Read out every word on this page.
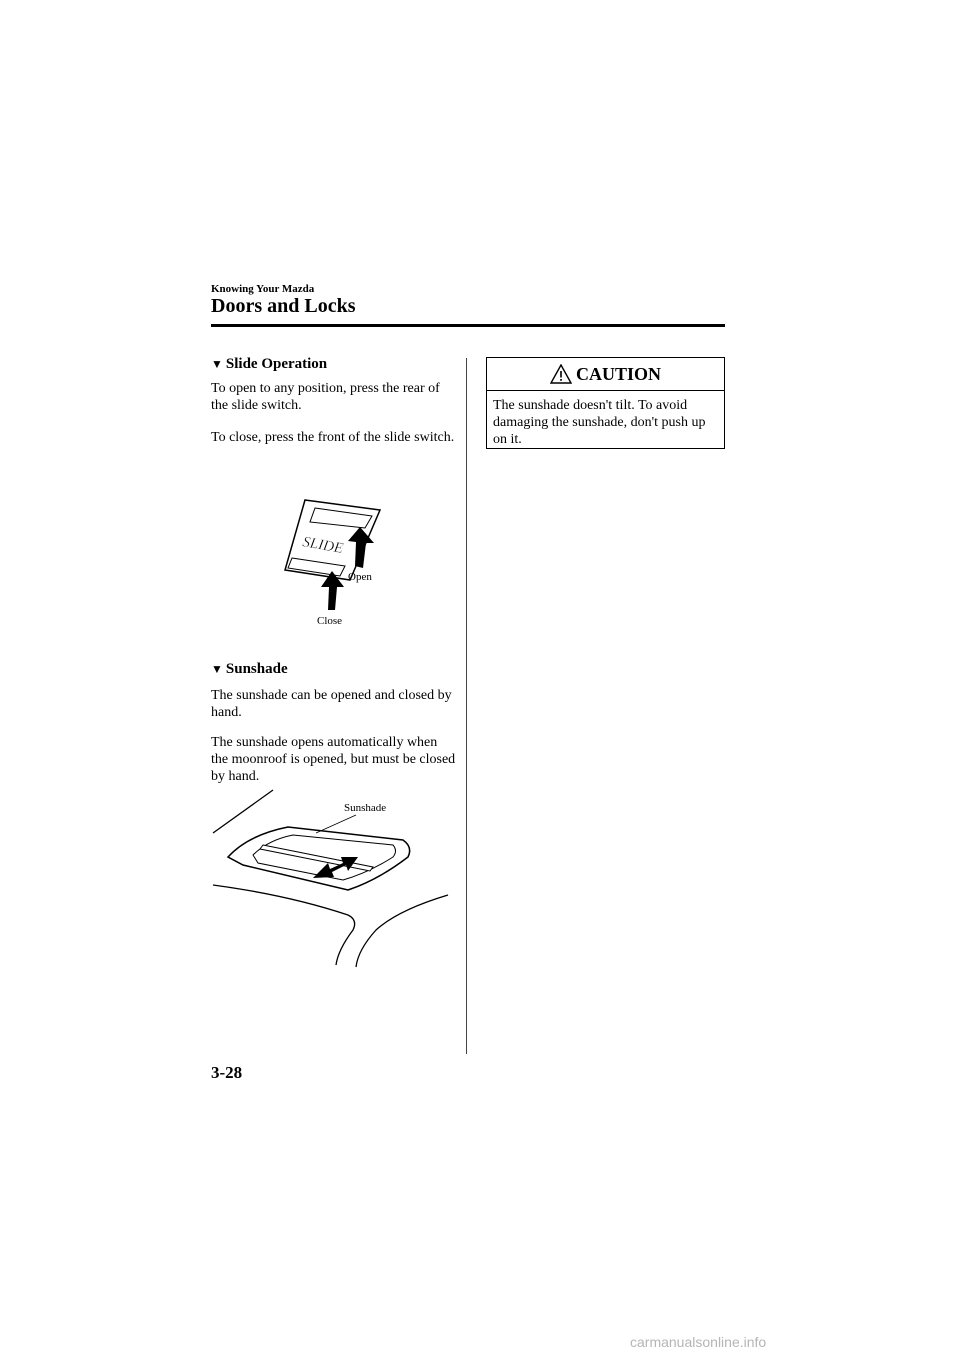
Knowing Your Mazda
Doors and Locks
▼ Slide Operation
To open to any position, press the rear of the slide switch.
To close, press the front of the slide switch.
SLIDE
Open
Close
▼ Sunshade
The sunshade can be opened and closed by hand.
The sunshade opens automatically when the moonroof is opened, but must be closed by hand.
Sunshade
CAUTION
The sunshade doesn't tilt. To avoid damaging the sunshade, don't push up on it.
3-28
carmanualsonline.info
